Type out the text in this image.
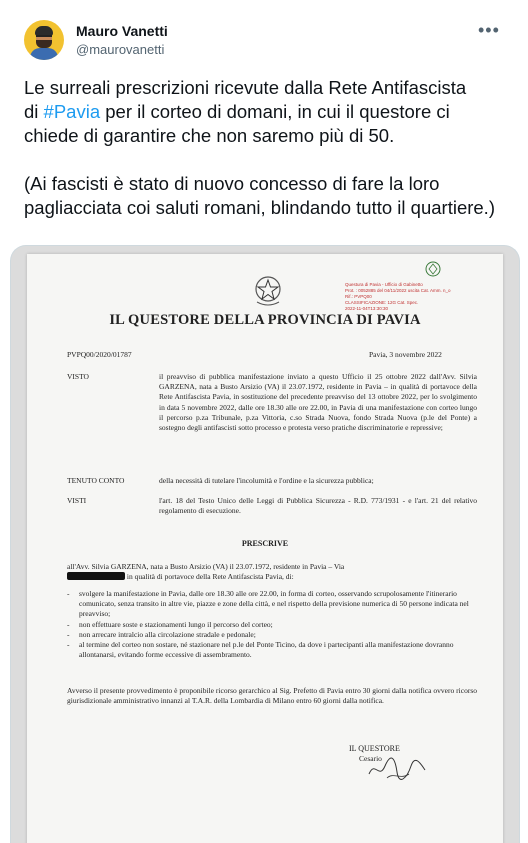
Mauro Vanetti
@maurovanetti
•••

Le surreali prescrizioni ricevute dalla Rete Antifascista

di #Pavia per il corteo di domani, in cui il questore ci

chiede di garantire che non saremo più di 50.

(Ai fascisti è stato di nuovo concesso di fare la loro pagliacciata coi saluti romani, blindando tutto il quartiere.)

Questura di Pavia - Ufficio di Gabinetto
Prot. : 0052885 del 04/11/2022 uscita Cat. Amm. n_o
Rif.: PVPQ00
CLASSIFICAZIONE: 12G Cat. Spec.
2022-11-04T13:30:30
IL QUESTORE DELLA PROVINCIA DI PAVIA
PVPQ00/2020/01787	Pavia, 3 novembre 2022
VISTO	il preavviso di pubblica manifestazione inviato a questo Ufficio il 25 ottobre 2022 dall'Avv. Silvia GARZENA, nata a Busto Arsizio (VA) il 23.07.1972, residente in Pavia – in qualità di portavoce della Rete Antifascista Pavia, in sostituzione del precedente preavviso del 13 ottobre 2022, per lo svolgimento in data 5 novembre 2022, dalle ore 18.30 alle ore 22.00, in Pavia di una manifestazione con corteo lungo il percorso p.za Tribunale, p.za Vittoria, c.so Strada Nuova, fondo Strada Nuova (p.le del Ponte) a sostegno degli antifascisti sotto processo e protesta verso pratiche discriminatorie e repressive;
TENUTO CONTO	della necessità di tutelare l'incolumità e l'ordine e la sicurezza pubblica;
VISTI	l'art. 18 del Testo Unico delle Leggi di Pubblica Sicurezza - R.D. 773/1931 - e l'art. 21 del relativo regolamento di esecuzione.
PRESCRIVE
all'Avv. Silvia GARZENA, nata a Busto Arsizio (VA) il 23.07.1972, residente in Pavia – Via
in qualità di portavoce della Rete Antifascista Pavia, di:
- svolgere la manifestazione in Pavia, dalle ore 18.30 alle ore 22.00, in forma di corteo, osservando scrupolosamente l'itinerario comunicato, senza transito in altre vie, piazze e zone della città, e nel rispetto della previsione numerica di 50 persone indicata nel preavviso;
- non effettuare soste e stazionamenti lungo il percorso del corteo;
- non arrecare intralcio alla circolazione stradale e pedonale;
- al termine del corteo non sostare, né stazionare nel p.le del Ponte Ticino, da dove i partecipanti alla manifestazione dovranno allontanarsi, evitando forme eccessive di assembramento.
Avverso il presente provvedimento è proponibile ricorso gerarchico al Sig. Prefetto di Pavia entro 30 giorni dalla notifica ovvero ricorso giurisdizionale amministrativo innanzi al T.A.R. della Lombardia di Milano entro 60 giorni dalla notifica.
IL QUESTORE
Cesario
